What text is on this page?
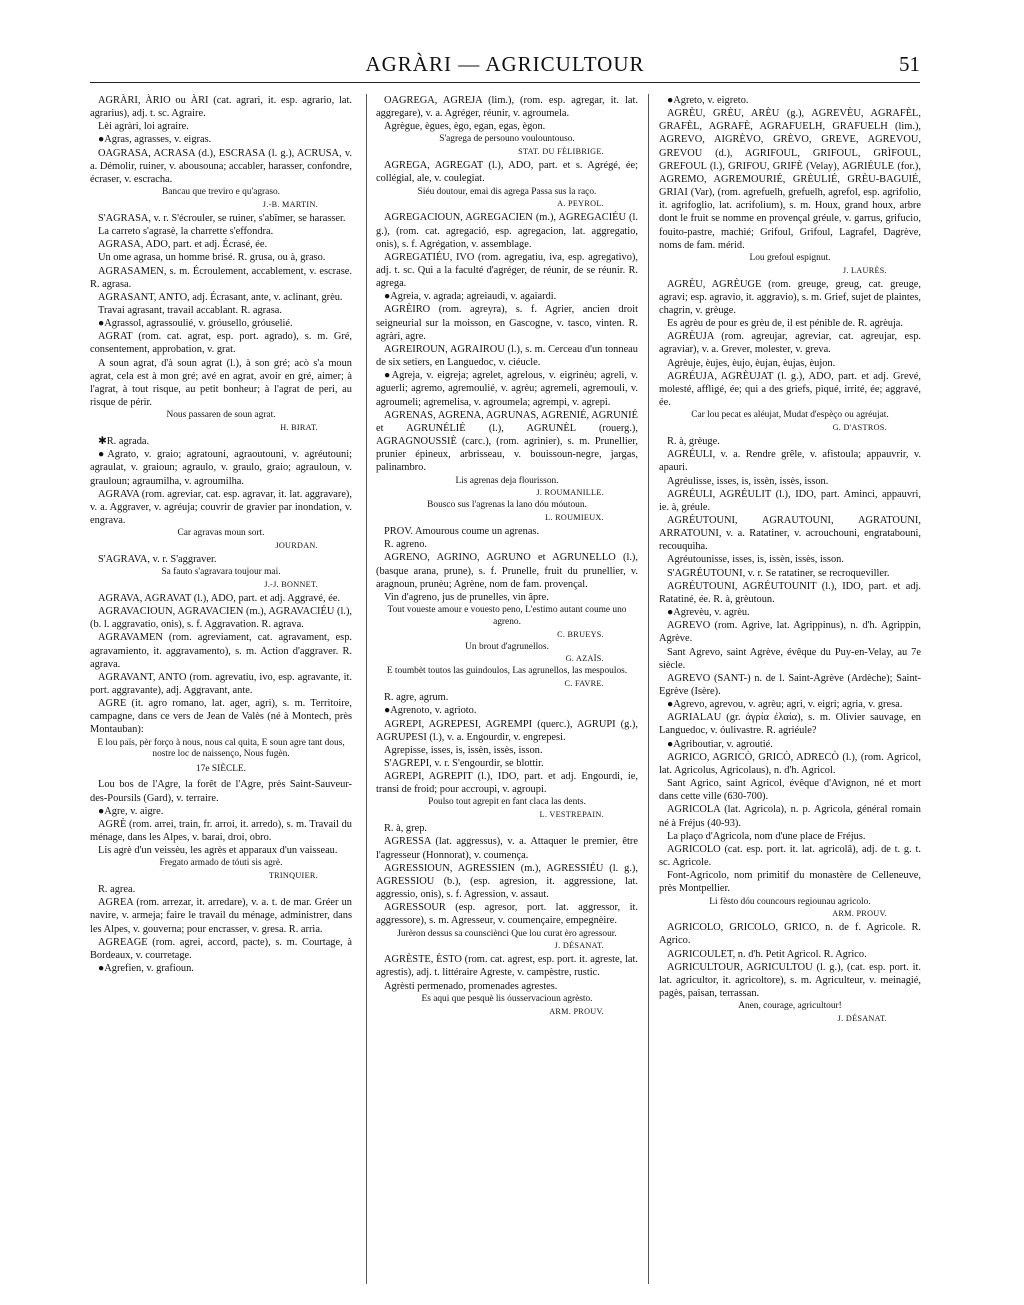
AGRÀRI — AGRICULTOUR	51

AGRÀRI, ÀRIO ou ÀRI (cat. agrari, it. esp. agrario, lat. agrarius), adj. t. sc. Agraire.

Lèi agràri, loi agraire.

●Agras, agrasses, v. eigras.

OAGRASA, ACRASA (d.), ESCRASA (l. g.), ACRUSA, v. a. Démolir, ruiner, v. abousouna; accabler, harasser, confondre, écraser, v. escracha.

Bancau que treviro e qu'agraso.

J.-B. MARTIN.

S'AGRASA, v. r. S'écrouler, se ruiner, s'abîmer, se harasser.

La carreto s'agrasè, la charrette s'effondra.

AGRASA, ADO, part. et adj. Écrasé, ée.

Un ome agrasa, un homme brisé. R. grusa, ou à, graso.

AGRASAMEN, s. m. Écroulement, accablement, v. escrase. R. agrasa.

AGRASANT, ANTO, adj. Écrasant, ante, v. aclinant, grèu.

Travai agrasant, travail accablant. R. agrasa.

●Agrassol, agrassoulié, v. gróusello, gróuselié.

AGRAT (rom. cat. agrat, esp. port. agrado), s. m. Gré, consentement, approbation, v. grat.

A soun agrat, d'à soun agrat (l.), à son gré; acò s'a moun agrat, cela est à mon gré; avé en agrat, avoir en gré, aimer; à l'agrat, à tout risque, au petit bonheur; à l'agrat de peri, au risque de périr.

Nous passaren de soun agrat.

H. BIRAT.

✱R. agrada.

●Agrato, v. graio; agratouni, agraoutouni, v. agréutouni; agraulat, v. graioun; agraulo, v. graulo, graio; agrauloun, v. grauloun; agraumilha, v. agroumilha.

AGRAVA (rom. agreviar, cat. esp. agravar, it. lat. aggravare), v. a. Aggraver, v. agréuja; couvrir de gravier par inondation, v. engrava.

Car agravas moun sort.

JOURDAN.

S'AGRAVA, v. r. S'aggraver.

Sa fauto s'agravara toujour mai.

J.-J. BONNET.

AGRAVA, AGRAVAT (l.), ADO, part. et adj. Aggravé, ée.

AGRAVACIOUN, AGRAVACIEN (m.), AGRAVACIÉU (l.), (b. l. aggravatio, onis), s. f. Aggravation. R. agrava.

AGRAVAMEN (rom. agreviament, cat. agravament, esp. agravamiento, it. aggravamento), s. m. Action d'aggraver. R. agrava.

AGRAVANT, ANTO (rom. agrevatiu, ivo, esp. agravante, it. port. aggravante), adj. Aggravant, ante.

AGRE (it. agro romano, lat. ager, agri), s. m. Territoire, campagne, dans ce vers de Jean de Valès (né à Montech, près Montauban):

E lou païs, pèr forço à nous, nous cal quita, E soun agre tant dous, nostre loc de naissenço, Nous fugèn.

17e SIÈCLE.

Lou bos de l'Agre, la forêt de l'Agre, près Saint-Sauveur-des-Poursils (Gard), v. terraire.

●Agre, v. aigre.

AGRÈ (rom. arrei, train, fr. arroi, it. arredo), s. m. Travail du ménage, dans les Alpes, v. barai, droi, obro.

Lis agrè d'un veissèu, les agrès et apparaux d'un vaisseau.

Fregato armado de tóuti sis agrè.

TRINQUIER.

R. agrea.

AGREA (rom. arrezar, it. arredare), v. a. t. de mar. Gréer un navire, v. armeja; faire le travail du ménage, administrer, dans les Alpes, v. gouverna; pour encrasser, v. gresa. R. arria.

AGREAGE (rom. agrei, accord, pacte), s. m. Courtage, à Bordeaux, v. courretage.

●Agrefien, v. grafioun.

OAGREGA, AGREJA (lim.), (rom. esp. agregar, it. lat. aggregare), v. a. Agréger, réunir, v. agroumela.

Agrègue, ègues, ègo, egan, egas, ègon.

S'agrega de persouno voulountouso.

STAT. DU FÉLIBRIGE.

AGREGA, AGREGAT (l.), ADO, part. et s. Agrégé, ée; collégial, ale, v. coulegiat.

Siéu doutour, emai dis agrega Passa sus la raço.

A. PEYROL.

AGREGACIOUN, AGREGACIEN (m.), AGREGACIÉU (l. g.), (rom. cat. agregació, esp. agregacion, lat. aggregatio, onis), s. f. Agrégation, v. assemblage.

AGREGATIÉU, IVO (rom. agregatiu, iva, esp. agregativo), adj. t. sc. Qui a la faculté d'agréger, de réunir, de se réunir. R. agrega.

●Agreia, v. agrada; agreiaudi, v. agaiardi.

AGRÈIRO (rom. agreyra), s. f. Agrier, ancien droit seigneurial sur la moisson, en Gascogne, v. tasco, vinten. R. agràri, agre.

AGREIROUN, AGRAIROU (l.), s. m. Cerceau d'un tonneau de six setiers, en Languedoc, v. ciéucle.

●Agreja, v. eigreja; agrelet, agrelous, v. eigrinèu; agreli, v. aguerli; agremo, agremoulié, v. agrèu; agremeli, agremouli, v. agroumeli; agremelisa, v. agroumela; agrempi, v. agrepi.

AGRENAS, AGRENA, AGRUNAS, AGRENIÉ, AGRUNIÉ et AGRUNÉLIÉ (l.), AGRUNÈL (rouerg.), AGRAGNOUSSIÈ (carc.), (rom. agrinier), s. m. Prunellier, prunier épineux, arbrisseau, v. bouissoun-negre, jargas, palinambro.

Lis agrenas deja flourisson.

J. ROUMANILLE.

Bousco sus l'agrenas la lano dóu móutoun.

L. ROUMIEUX.

PROV. Amourous coume un agrenas.

R. agreno.

AGRENO, AGRINO, AGRUNO et AGRUNELLO (l.), (basque arana, prune), s. f. Prunelle, fruit du prunellier, v. aragnoun, prunèu; Agrène, nom de fam. provençal.

Vin d'agreno, jus de prunelles, vin âpre.

Tout voueste amour e vouesto peno, L'estimo autant coume uno agreno.

C. BRUEYS.

Un brout d'agrunellos.

G. AZAÏS.

E toumbèt toutos las guindoulos, Las agrunellos, las mespoulos.

C. FAVRE.

R. agre, agrum.

●Agrenoto, v. agrioto.

AGREPI, AGREPESI, AGREMPI (querc.), AGRUPI (g.), AGRUPESI (l.), v. a. Engourdir, v. engrepesi.

Agrepisse, isses, is, issèn, issès, isson.

S'AGREPI, v. r. S'engourdir, se blottir.

AGREPI, AGREPIT (l.), IDO, part. et adj. Engourdi, ie, transi de froid; pour accroupi, v. agroupi.

Poulso tout agrepit en fant claca las dents.

L. VESTREPAIN.

R. à, grep.

AGRESSA (lat. aggressus), v. a. Attaquer le premier, être l'agresseur (Honnorat), v. coumença.

AGRESSIOUN, AGRESSIEN (m.), AGRESSIÉU (l. g.), AGRESSIOU (b.), (esp. agresion, it. aggressione, lat. aggressio, onis), s. f. Agression, v. assaut.

AGRESSOUR (esp. agresor, port. lat. aggressor, it. aggressore), s. m. Agresseur, v. coumençaire, empegnèire.

Jurèron dessus sa counsciènci Que lou curat èro agressour.

J. DÉSANAT.

AGRÈSTE, ÈSTO (rom. cat. agrest, esp. port. it. agreste, lat. agrestis), adj. t. littéraire Agreste, v. campèstre, rustic.

Agrèsti permenado, promenades agrestes.

Es aqui que pesquè lis óusservacioun agrèsto.

ARM. PROUV.

●Agreto, v. eigreto.

AGRÈU, GRÈU, ARÈU (g.), AGREVÈU, AGRAFÈL, GRAFÈL, AGRAFÈ, AGRAFUELH, GRAFUELH (lim.), AGREVO, AIGRÈVO, GRÈVO, GREVE, AGREVOU, GREVOU (d.), AGRIFOUL, GRIFOUL, GRÌFOUL, GREFOUL (l.), GRIFOU, GRIFÈ (Velay), AGRIÉULE (for.), AGREMO, AGREMOURIÉ, GRÈULIÉ, GRÈU-BAGUIÉ, GRIAI (Var), (rom. agrefuelh, grefuelh, agrefol, esp. agrifolio, it. agrifoglio, lat. acrifolium), s. m. Houx, grand houx, arbre dont le fruit se nomme en provençal gréule, v. garrus, grifucio, fouito-pastre, machié; Grifoul, Grifoul, Lagrafel, Dagrève, noms de fam. mérid.

Lou grefoul espignut.

J. LAURÈS.

AGRÈU, AGRÈUGE (rom. greuge, greug, cat. greuge, agravi; esp. agravio, it. aggravio), s. m. Grief, sujet de plaintes, chagrin, v. grèuge.

Es agrèu de pour es grèu de, il est pénible de. R. agrèuja.

AGRÈUJA (rom. agreujar, agreviar, cat. agreujar, esp. agraviar), v. a. Grever, molester, v. greva.

Agrèuje, èujes, èujo, èujan, èujas, èujon.

AGRÉUJA, AGRÈUJAT (l. g.), ADO, part. et adj. Grevé, molesté, affligé, ée; qui a des griefs, piqué, irrité, ée; aggravé, ée.

Car lou pecat es aléujat, Mudat d'espèço ou agréujat.

G. D'ASTROS.

R. à, grèuge.

AGRÉULI, v. a. Rendre grêle, v. afistoula; appauvrir, v. apauri.

Agréulisse, isses, is, issèn, issès, isson.

AGRÉULI, AGRÉULIT (l.), IDO, part. Aminci, appauvri, ie. à, gréule.

AGRÉUTOUNI, AGRAUTOUNI, AGRATOUNI, ARRATOUNI, v. a. Ratatiner, v. acrouchouni, engratabouni, recouquiha.

Agréutounisse, isses, is, issèn, issès, isson.

S'AGRÉUTOUNI, v. r. Se ratatiner, se recroqueviller.

AGRÉUTOUNI, AGRÉUTOUNIT (l.), IDO, part. et adj. Ratatiné, ée. R. à, grèutoun.

●Agrevèu, v. agrèu.

AGREVO (rom. Agrive, lat. Agrippinus), n. d'h. Agrippin, Agrève.

Sant Agrevo, saint Agrève, évêque du Puy-en-Velay, au 7e siècle.

AGREVO (SANT-) n. de l. Saint-Agrève (Ardèche); Saint-Egrève (Isère).

●Agrevo, agrevou, v. agrèu; agri, v. eigri; agria, v. gresa.

AGRIALAU (gr. ἀγρία ἐλαία), s. m. Olivier sauvage, en Languedoc, v. óulivastre. R. agriéule?

●Agriboutiar, v. agroutié.

AGRICO, AGRICÒ, GRICÒ, ADRECÒ (l.), (rom. Agricol, lat. Agricolus, Agricolaus), n. d'h. Agricol.

Sant Agrico, saint Agricol, évêque d'Avignon, né et mort dans cette ville (630-700).

AGRICOLA (lat. Agricola), n. p. Agricola, général romain né à Fréjus (40-93).

La plaço d'Agricola, nom d'une place de Fréjus.

AGRICOLO (cat. esp. port. it. lat. agricolâ), adj. de t. g. t. sc. Agricole.

Font-Agricolo, nom primitif du monastère de Celleneuve, près Montpellier.

Li fèsto dóu councours regiounau agricolo.

ARM. PROUV.

AGRICOLO, GRICOLO, GRICO, n. de f. Agricole. R. Agrico.

AGRICOULET, n. d'h. Petit Agricol. R. Agrico.

AGRICULTOUR, AGRICULTOU (l. g.), (cat. esp. port. it. lat. agricultor, it. agricoltore), s. m. Agriculteur, v. meinagié, pagès, paisan, terrassan.

Anen, courage, agricultour!

J. DÉSANAT.
